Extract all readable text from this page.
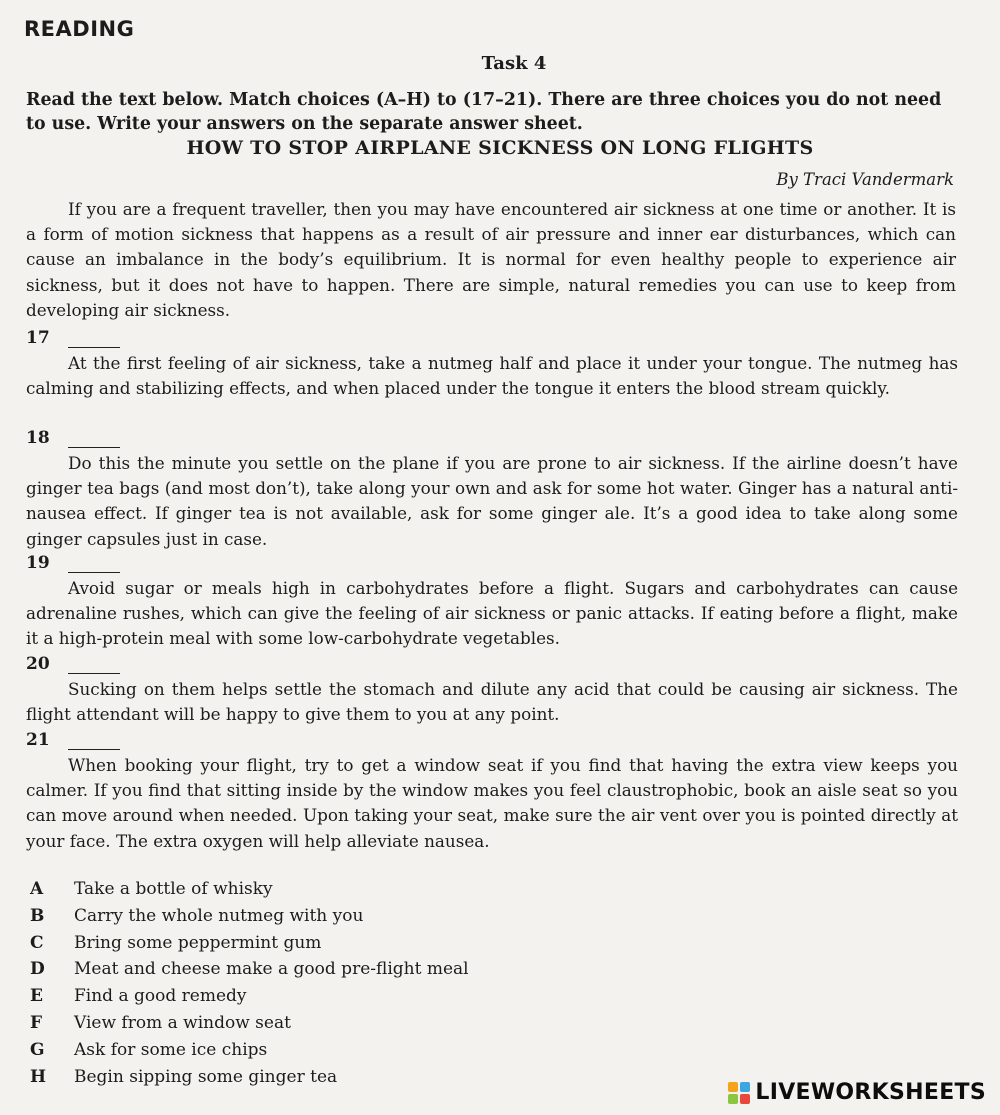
READING
Task 4
Read the text below. Match choices (A–H) to (17–21). There are three choices you do not need to use. Write your answers on the separate answer sheet.
HOW TO STOP AIRPLANE SICKNESS ON LONG FLIGHTS
By Traci Vandermark
If you are a frequent traveller, then you may have encountered air sickness at one time or another. It is a form of motion sickness that happens as a result of air pressure and inner ear disturbances, which can cause an imbalance in the body’s equilibrium. It is normal for even healthy people to experience air sickness, but it does not have to happen. There are simple, natural remedies you can use to keep from developing air sickness.
17
At the first feeling of air sickness, take a nutmeg half and place it under your tongue. The nutmeg has calming and stabilizing effects, and when placed under the tongue it enters the blood stream quickly.
18
Do this the minute you settle on the plane if you are prone to air sickness. If the airline doesn’t have ginger tea bags (and most don’t), take along your own and ask for some hot water. Ginger has a natural anti-nausea effect. If ginger tea is not available, ask for some ginger ale. It’s a good idea to take along some ginger capsules just in case.
19
Avoid sugar or meals high in carbohydrates before a flight. Sugars and carbohydrates can cause adrenaline rushes, which can give the feeling of air sickness or panic attacks. If eating before a flight, make it a high-protein meal with some low-carbohydrate vegetables.
20
Sucking on them helps settle the stomach and dilute any acid that could be causing air sickness. The flight attendant will be happy to give them to you at any point.
21
When booking your flight, try to get a window seat if you find that having the extra view keeps you calmer. If you find that sitting inside by the window makes you feel claustrophobic, book an aisle seat so you can move around when needed. Upon taking your seat, make sure the air vent over you is pointed directly at your face. The extra oxygen will help alleviate nausea.
A Take a bottle of whisky
B Carry the whole nutmeg with you
C Bring some peppermint gum
D Meat and cheese make a good pre-flight meal
E Find a good remedy
F View from a window seat
G Ask for some ice chips
H Begin sipping some ginger tea
LIVEWORKSHEETS
